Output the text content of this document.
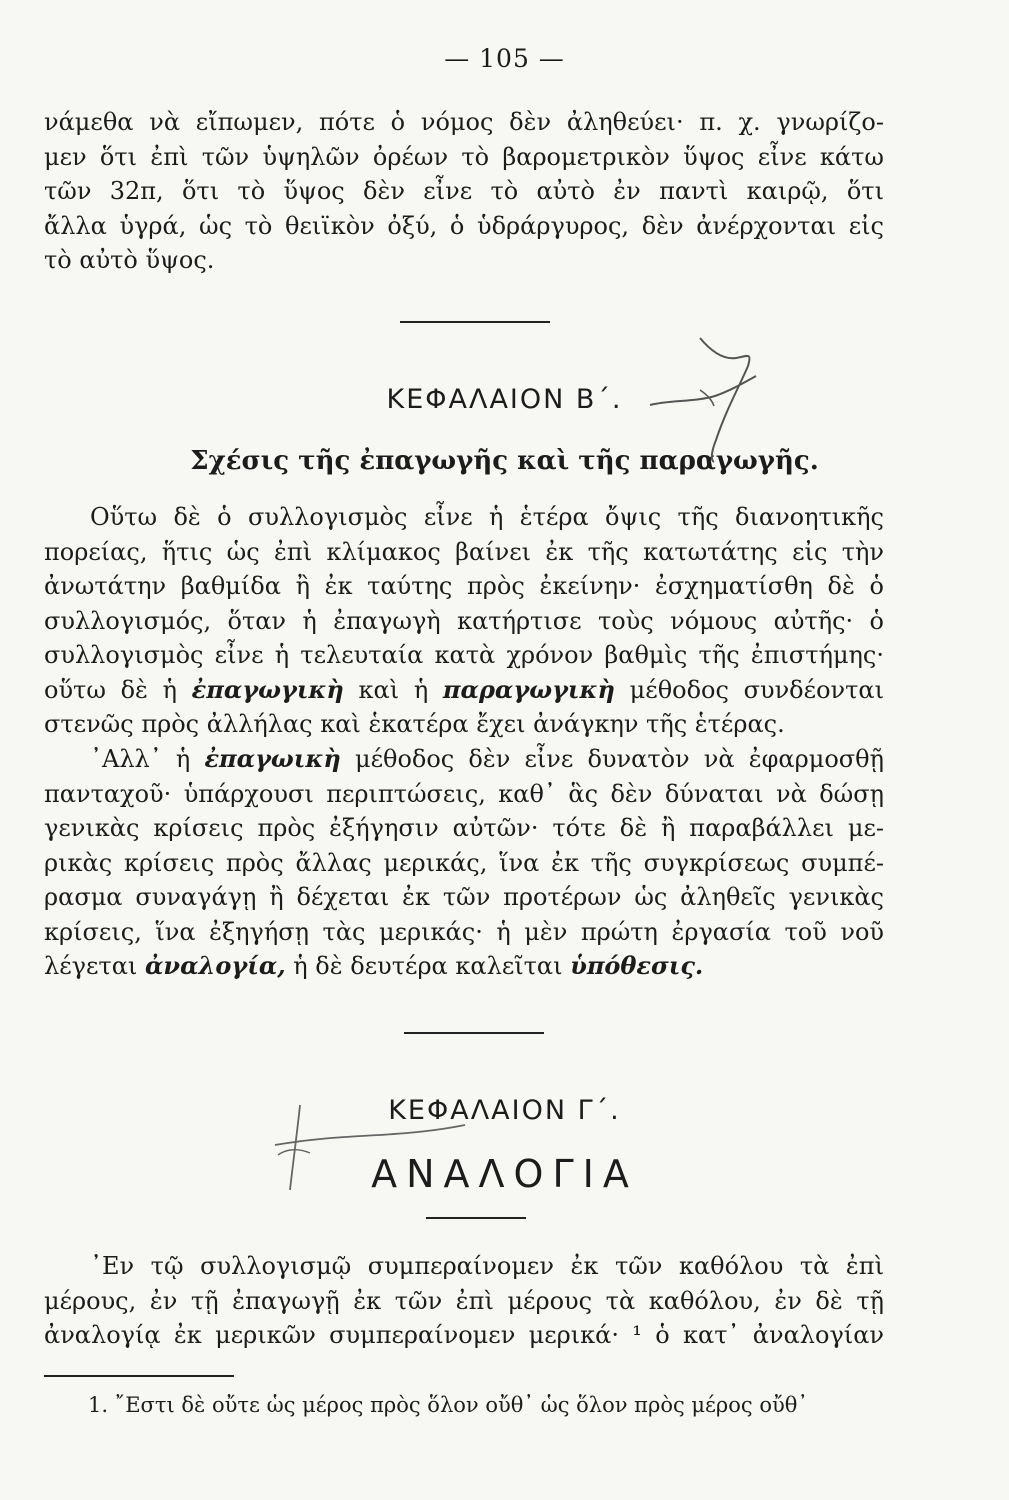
— 105 —
νάμεθα νὰ εἴπωμεν, πότε ὁ νόμος δὲν ἀληθεύει· π. χ. γνωρίζο-
μεν ὅτι ἐπὶ τῶν ὑψηλῶν ὀρέων τὸ βαρομετρικὸν ὕψος εἶνε κάτω
τῶν 32π, ὅτι τὸ ὕψος δὲν εἶνε τὸ αὐτὸ ἐν παντὶ καιρῷ, ὅτι
ἄλλα ὑγρά, ὡς τὸ θειϊκὸν ὀξύ, ὁ ὑδράργυρος, δὲν ἀνέρχονται εἰς
τὸ αὐτὸ ὕψος.
ΚΕΦΑΛΑΙΟΝ Β΄.
Σχέσις τῆς ἐπαγωγῆς καὶ τῆς παραγωγῆς.
Οὕτω δὲ ὁ συλλογισμὸς εἶνε ἡ ἑτέρα ὄψις τῆς διανοητικῆς
πορείας, ἥτις ὡς ἐπὶ κλίμακος βαίνει ἐκ τῆς κατωτάτης εἰς τὴν
ἀνωτάτην βαθμίδα ἢ ἐκ ταύτης πρὸς ἐκείνην· ἐσχηματίσθη δὲ ὁ
συλλογισμός, ὅταν ἡ ἐπαγωγὴ κατήρτισε τοὺς νόμους αὐτῆς· ὁ
συλλογισμὸς εἶνε ἡ τελευταία κατὰ χρόνον βαθμὶς τῆς ἐπιστήμης·
οὕτω δὲ ἡ ἐπαγωγικὴ καὶ ἡ παραγωγικὴ μέθοδος συνδέονται
στενῶς πρὸς ἀλλήλας καὶ ἑκατέρα ἔχει ἀνάγκην τῆς ἑτέρας.
᾿Αλλ᾿ ἡ ἐπαγωικὴ μέθοδος δὲν εἶνε δυνατὸν νὰ ἐφαρμοσθῇ
πανταχοῦ· ὑπάρχουσι περιπτώσεις, καθ᾿ ἃς δὲν δύναται νὰ δώσῃ
γενικὰς κρίσεις πρὸς ἐξήγησιν αὐτῶν· τότε δὲ ἢ παραβάλλει με-
ρικὰς κρίσεις πρὸς ἄλλας μερικάς, ἵνα ἐκ τῆς συγκρίσεως συμπέ-
ρασμα συναγάγῃ ἢ δέχεται ἐκ τῶν προτέρων ὡς ἀληθεῖς γενικὰς
κρίσεις, ἵνα ἐξηγήσῃ τὰς μερικάς· ἡ μὲν πρώτη ἐργασία τοῦ νοῦ
λέγεται ἀναλογία, ἡ δὲ δευτέρα καλεῖται ὑπόθεσις.
ΚΕΦΑΛΑΙΟΝ Γ΄.
ΑΝΑΛΟΓΙΑ
᾿Εν τῷ συλλογισμῷ συμπεραίνομεν ἐκ τῶν καθόλου τὰ ἐπὶ
μέρους, ἐν τῇ ἐπαγωγῇ ἐκ τῶν ἐπὶ μέρους τὰ καθόλου, ἐν δὲ τῇ
ἀναλογίᾳ ἐκ μερικῶν συμπεραίνομεν μερικά· ¹ ὁ κατ᾿ ἀναλογίαν
1. ῎Εστι δὲ οὔτε ὡς μέρος πρὸς ὅλον οὔθ᾿ ὡς ὅλον πρὸς μέρος οὔθ᾿
